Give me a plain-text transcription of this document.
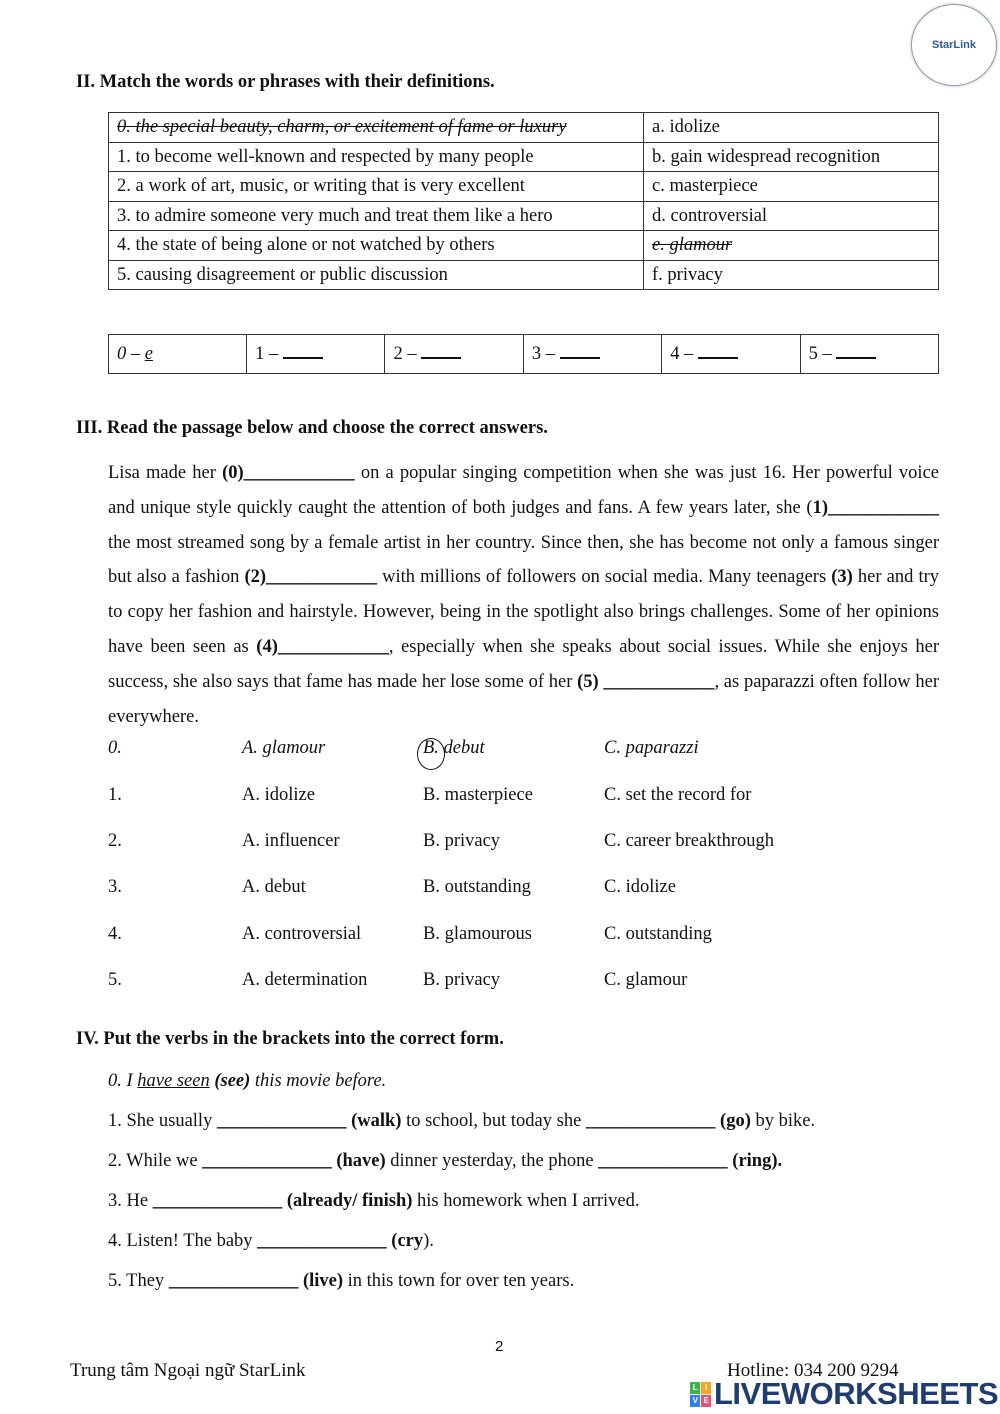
StarLink
II. Match the words or phrases with their definitions.
0. the special beauty, charm, or excitement of fame or luxury	a. idolize
1. to become well-known and respected by many people	b. gain widespread recognition
2. a work of art, music, or writing that is very excellent	c. masterpiece
3. to admire someone very much and treat them like a hero	d. controversial
4. the state of being alone or not watched by others	e. glamour
5. causing disagreement or public discussion	f. privacy
0 – e	1 –	2 –	3 –	4 –	5 –
III. Read the passage below and choose the correct answers.
Lisa made her (0)____________ on a popular singing competition when she was just 16. Her powerful voice and unique style quickly caught the attention of both judges and fans. A few years later, she (1)____________ the most streamed song by a female artist in her country. Since then, she has become not only a famous singer but also a fashion (2)____________ with millions of followers on social media. Many teenagers (3) her and try to copy her fashion and hairstyle. However, being in the spotlight also brings challenges. Some of her opinions have been seen as (4)____________, especially when she speaks about social issues. While she enjoys her success, she also says that fame has made her lose some of her (5) ____________, as paparazzi often follow her everywhere.
0.	A. glamour	B. debut	C. paparazzi
1.	A. idolize	B. masterpiece	C. set the record for
2.	A. influencer	B. privacy	C. career breakthrough
3.	A. debut	B. outstanding	C. idolize
4.	A. controversial	B. glamourous	C. outstanding
5.	A. determination	B. privacy	C. glamour
IV. Put the verbs in the brackets into the correct form.
0. I have seen (see) this movie before.
1. She usually ______________ (walk) to school, but today she ______________ (go) by bike.
2. While we ______________ (have) dinner yesterday, the phone ______________ (ring).
3. He ______________ (already/ finish) his homework when I arrived.
4. Listen! The baby ______________ (cry).
5. They ______________ (live) in this town for over ten years.
2
Trung tâm Ngoại ngữ StarLink	Hotline: 034 200 9294
L I
V E LIVEWORKSHEETS
